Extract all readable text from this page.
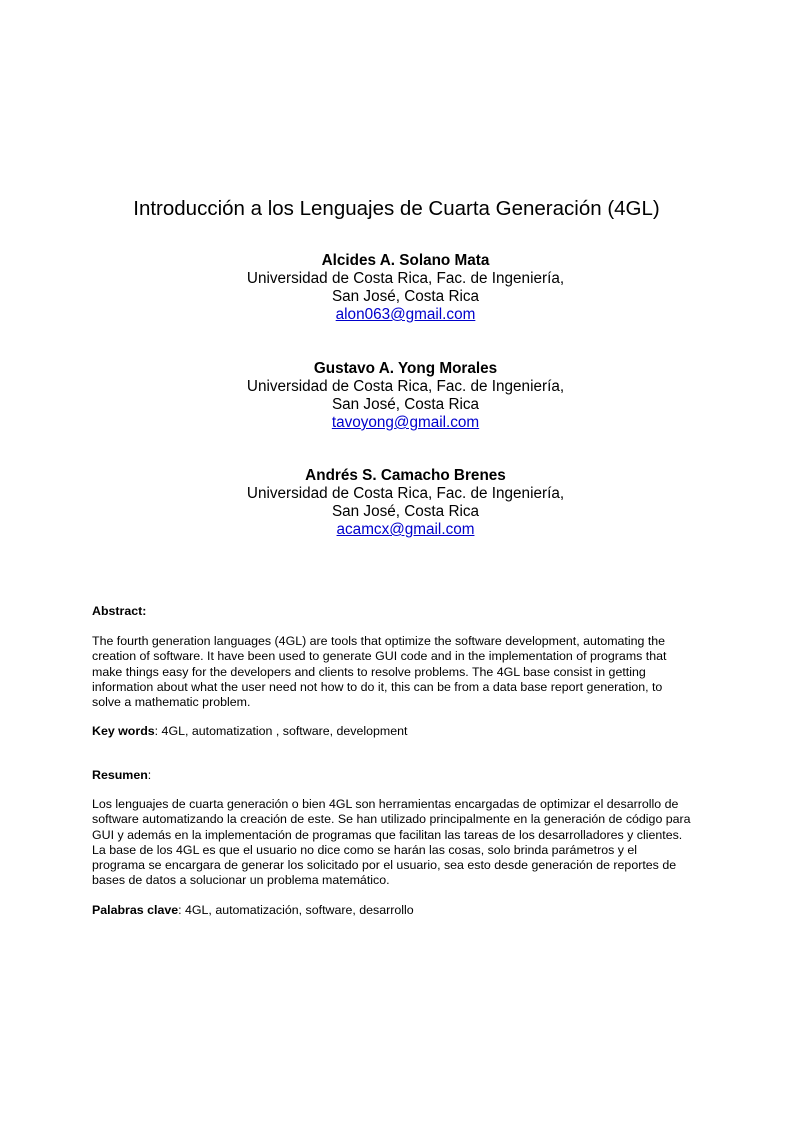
Introducción a los Lenguajes de Cuarta Generación (4GL)
Alcides A. Solano Mata
Universidad de Costa Rica, Fac. de Ingeniería,
San José, Costa Rica
alon063@gmail.com
Gustavo A. Yong Morales
Universidad de Costa Rica, Fac. de Ingeniería,
San José, Costa Rica
tavoyong@gmail.com
Andrés S. Camacho Brenes
Universidad de Costa Rica, Fac. de Ingeniería,
San José, Costa Rica
acamcx@gmail.com
Abstract:
The fourth generation languages (4GL) are tools that optimize the software development, automating the
creation of software. It have been used to generate GUI code and in the implementation of programs that
make things easy for the developers and clients to resolve problems. The 4GL base consist in getting
information about what the user need not how to do it, this can be from a data base report generation, to
solve a mathematic problem.
Key words: 4GL, automatization , software, development
Resumen:
Los lenguajes de cuarta generación o bien 4GL son herramientas encargadas de optimizar el desarrollo de
software automatizando la creación de este. Se han utilizado principalmente en la generación de código para
GUI y además en la implementación de programas que facilitan las tareas de los desarrolladores y clientes.
La base de los 4GL es que el usuario no dice como se harán las cosas, solo brinda parámetros y el
programa se encargara de generar los solicitado por el usuario, sea esto desde generación de reportes de
bases de datos a solucionar un problema matemático.
Palabras clave: 4GL, automatización, software, desarrollo
